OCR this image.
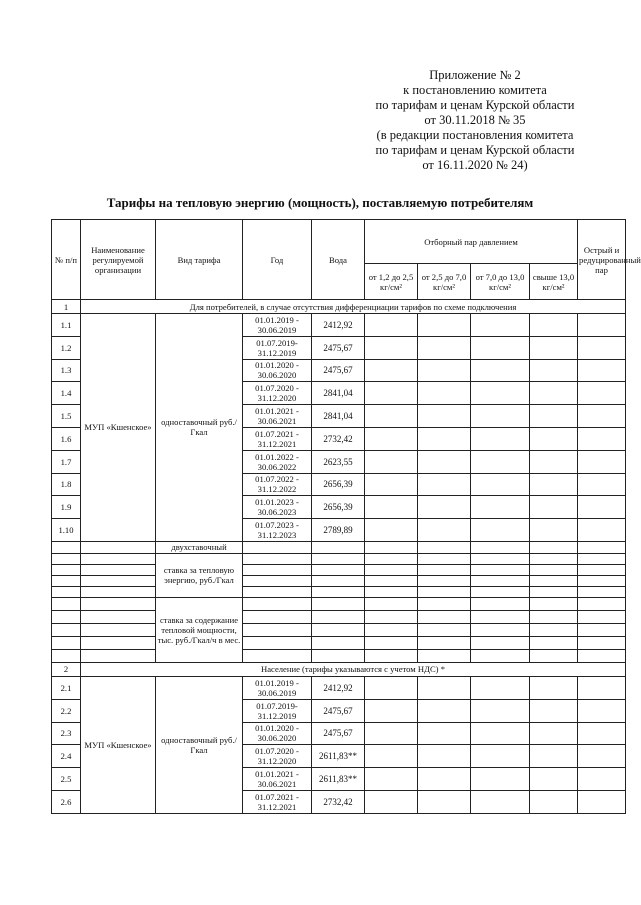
Приложение № 2
к постановлению комитета
по тарифам и ценам Курской области
от 30.11.2018 № 35
(в редакции постановления комитета
по тарифам и ценам Курской области
от 16.11.2020 № 24)
Тарифы на тепловую энергию (мощность), поставляемую потребителям
№ п/п	Наименование регулируемой организации	Вид тарифа	Год	Вода	Отборный пар давлением				Острый и редуцированный пар
					от 1,2 до 2,5 кг/см²	от 2,5 до 7,0 кг/см²	от 7,0 до 13,0 кг/см²	свыше 13,0 кг/см²	
1	Для потребителей, в случае отсутствия дифференциации тарифов по схеме подключения								
1.1	МУП «Кшенское»	одноставочный руб./Гкал	01.01.2019 - 30.06.2019	2412,92					
1.2			01.07.2019- 31.12.2019	2475,67					
1.3			01.01.2020 - 30.06.2020	2475,67					
1.4			01.07.2020 - 31.12.2020	2841,04					
1.5			01.01.2021 - 30.06.2021	2841,04					
1.6			01.07.2021 - 31.12.2021	2732,42					
1.7			01.01.2022 - 30.06.2022	2623,55					
1.8			01.07.2022 - 31.12.2022	2656,39					
1.9			01.01.2023 - 30.06.2023	2656,39					
1.10			01.07.2023 - 31.12.2023	2789,89					
		двухставочный							
		ставка за тепловую энергию, руб./Гкал							

		ставка за содержание тепловой мощности, тыс. руб./Гкал/ч в мес.							

2	Население (тарифы указываются с учетом НДС) *								
2.1	МУП «Кшенское»	одноставочный руб./Гкал	01.01.2019 - 30.06.2019	2412,92					
2.2			01.07.2019- 31.12.2019	2475,67					
2.3			01.01.2020 - 30.06.2020	2475,67					
2.4			01.07.2020 - 31.12.2020	2611,83**					
2.5			01.01.2021 - 30.06.2021	2611,83**					
2.6			01.07.2021 - 31.12.2021	2732,42					
